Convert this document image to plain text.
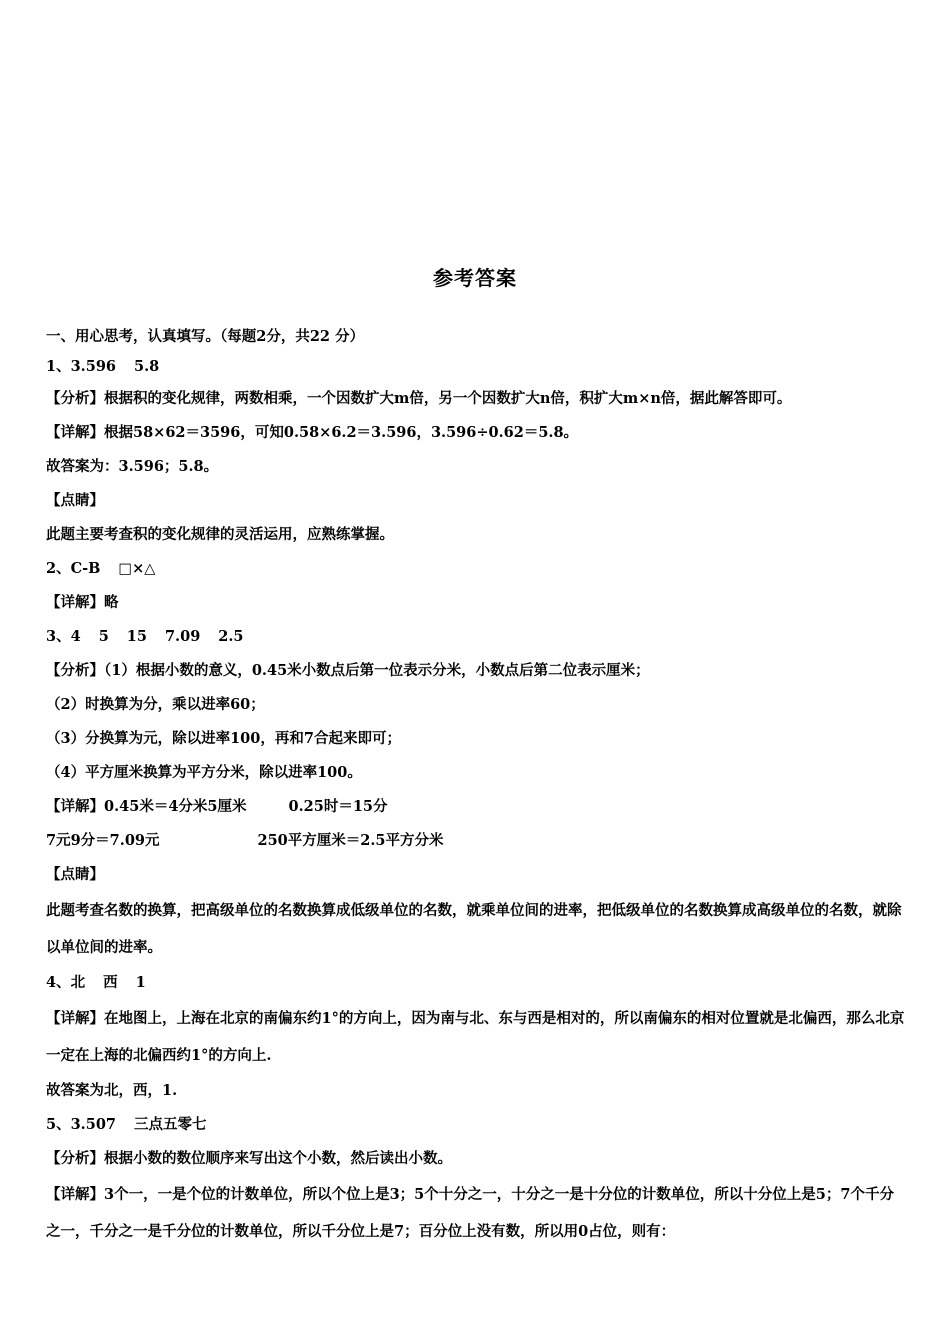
参考答案
一、用心思考，认真填写。（每题2分，共22 分）
1、3.596 5.8
【分析】根据积的变化规律，两数相乘，一个因数扩大m倍，另一个因数扩大n倍，积扩大m×n倍，据此解答即可。
【详解】根据58×62＝3596，可知0.58×6.2＝3.596，3.596÷0.62＝5.8。
故答案为：3.596；5.8。
【点睛】
此题主要考查积的变化规律的灵活运用，应熟练掌握。
2、C-B □×△
【详解】略
3、4 5 15 7.09 2.5
【分析】（1）根据小数的意义，0.45米小数点后第一位表示分米，小数点后第二位表示厘米；
（2）时换算为分，乘以进率60；
（3）分换算为元，除以进率100，再和7合起来即可；
（4）平方厘米换算为平方分米，除以进率100。
【详解】0.45米＝4分米5厘米	0.25时＝15分
7元9分＝7.09元	250平方厘米＝2.5平方分米
【点睛】
此题考查名数的换算，把高级单位的名数换算成低级单位的名数，就乘单位间的进率，把低级单位的名数换算成高级单位的名数，就除以单位间的进率。
4、北 西 1
【详解】在地图上，上海在北京的南偏东约1°的方向上，因为南与北、东与西是相对的，所以南偏东的相对位置就是北偏西，那么北京一定在上海的北偏西约1°的方向上.
故答案为北，西，1.
5、3.507 三点五零七
【分析】根据小数的数位顺序来写出这个小数，然后读出小数。
【详解】3个一，一是个位的计数单位，所以个位上是3；5个十分之一，十分之一是十分位的计数单位，所以十分位上是5；7个千分之一，千分之一是千分位的计数单位，所以千分位上是7；百分位上没有数，所以用0占位，则有：
